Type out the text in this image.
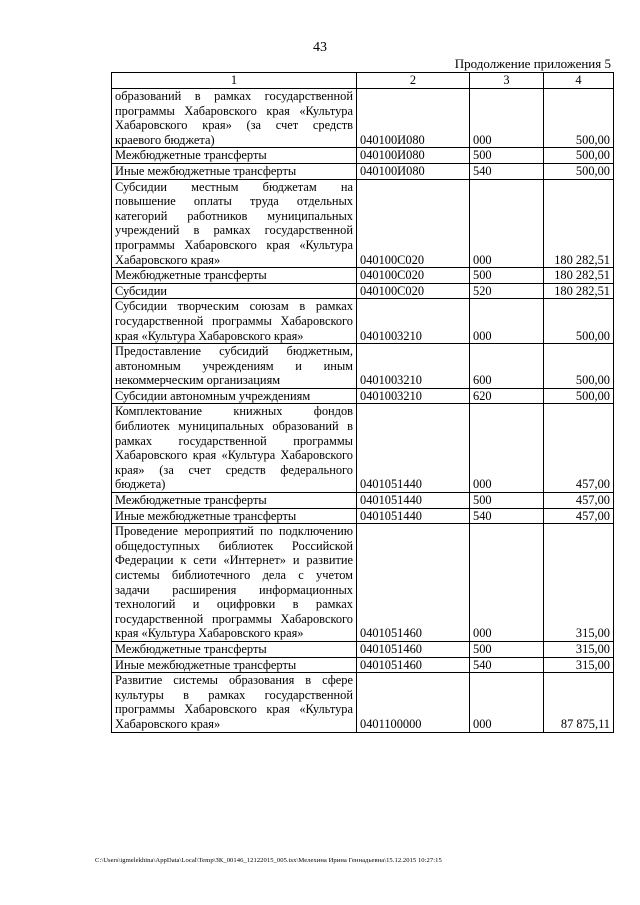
43
Продолжение приложения 5
1	2	3	4
образований в рамках государственной программы Хабаровского края «Культура Хабаровского края» (за счет средств краевого бюджета)	040100И080	000	500,00
Межбюджетные трансферты	040100И080	500	500,00
Иные межбюджетные трансферты	040100И080	540	500,00
Субсидии местным бюджетам на повышение оплаты труда отдельных категорий работников муниципальных учреждений в рамках государственной программы Хабаровского края «Культура Хабаровского края»	040100С020	000	180 282,51
Межбюджетные трансферты	040100С020	500	180 282,51
Субсидии	040100С020	520	180 282,51
Субсидии творческим союзам в рамках государственной программы Хабаровского края «Культура Хабаровского края»	0401003210	000	500,00
Предоставление субсидий бюджетным, автономным учреждениям и иным некоммерческим организациям	0401003210	600	500,00
Субсидии автономным учреждениям	0401003210	620	500,00
Комплектование книжных фондов библиотек муниципальных образований в рамках государственной программы Хабаровского края «Культура Хабаровского края» (за счет средств федерального бюджета)	0401051440	000	457,00
Межбюджетные трансферты	0401051440	500	457,00
Иные межбюджетные трансферты	0401051440	540	457,00
Проведение мероприятий по подключению общедоступных библиотек Российской Федерации к сети «Интернет» и развитие системы библиотечного дела с учетом задачи расширения информационных технологий и оцифровки в рамках государственной программы Хабаровского края «Культура Хабаровского края»	0401051460	000	315,00
Межбюджетные трансферты	0401051460	500	315,00
Иные межбюджетные трансферты	0401051460	540	315,00
Развитие системы образования в сфере культуры в рамках государственной программы Хабаровского края «Культура Хабаровского края»	0401100000	000	87 875,11
C:\Users\igmelekhina\AppData\Local\Temp\ЗК_00146_12122015_005.tsx\Мелехина Ирина Геннадьевна\15.12.2015 10:27:15
